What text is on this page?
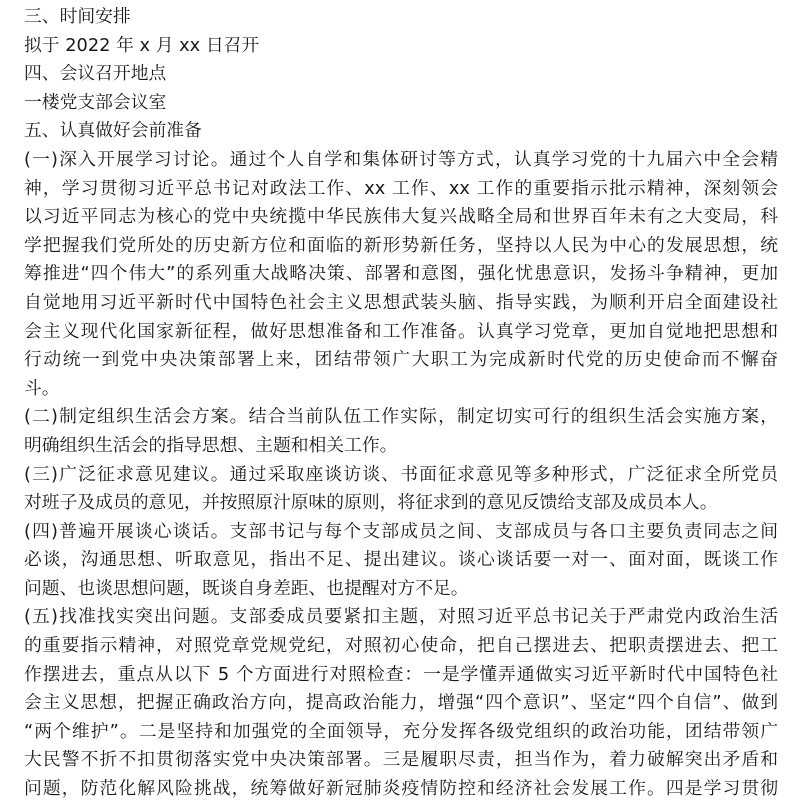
三、时间安排
拟于 2022 年 x 月 xx 日召开
四、会议召开地点
一楼党支部会议室
五、认真做好会前准备
(一)深入开展学习讨论。通过个人自学和集体研讨等方式，认真学习党的十九届六中全会精
神，学习贯彻习近平总书记对政法工作、xx 工作、xx 工作的重要指示批示精神，深刻领会
以习近平同志为核心的党中央统揽中华民族伟大复兴战略全局和世界百年未有之大变局，科
学把握我们党所处的历史新方位和面临的新形势新任务，坚持以人民为中心的发展思想，统
筹推进“四个伟大”的系列重大战略决策、部署和意图，强化忧患意识，发扬斗争精神，更加
自觉地用习近平新时代中国特色社会主义思想武装头脑、指导实践，为顺利开启全面建设社
会主义现代化国家新征程，做好思想准备和工作准备。认真学习党章，更加自觉地把思想和
行动统一到党中央决策部署上来，团结带领广大职工为完成新时代党的历史使命而不懈奋
斗。
(二)制定组织生活会方案。结合当前队伍工作实际，制定切实可行的组织生活会实施方案，
明确组织生活会的指导思想、主题和相关工作。
(三)广泛征求意见建议。通过采取座谈访谈、书面征求意见等多种形式，广泛征求全所党员
对班子及成员的意见，并按照原汁原味的原则，将征求到的意见反馈给支部及成员本人。
(四)普遍开展谈心谈话。支部书记与每个支部成员之间、支部成员与各口主要负责同志之间
必谈，沟通思想、听取意见，指出不足、提出建议。谈心谈话要一对一、面对面，既谈工作
问题、也谈思想问题，既谈自身差距、也提醒对方不足。
(五)找准找实突出问题。支部委成员要紧扣主题，对照习近平总书记关于严肃党内政治生活
的重要指示精神，对照党章党规党纪，对照初心使命，把自己摆进去、把职责摆进去、把工
作摆进去，重点从以下 5 个方面进行对照检查：一是学懂弄通做实习近平新时代中国特色社
会主义思想，把握正确政治方向，提高政治能力，增强“四个意识”、坚定“四个自信”、做到
“两个维护”。二是坚持和加强党的全面领导，充分发挥各级党组织的政治功能，团结带领广
大民警不折不扣贯彻落实党中央决策部署。三是履职尽责，担当作为，着力破解突出矛盾和
问题，防范化解风险挑战，统筹做好新冠肺炎疫情防控和经济社会发展工作。四是学习贯彻
